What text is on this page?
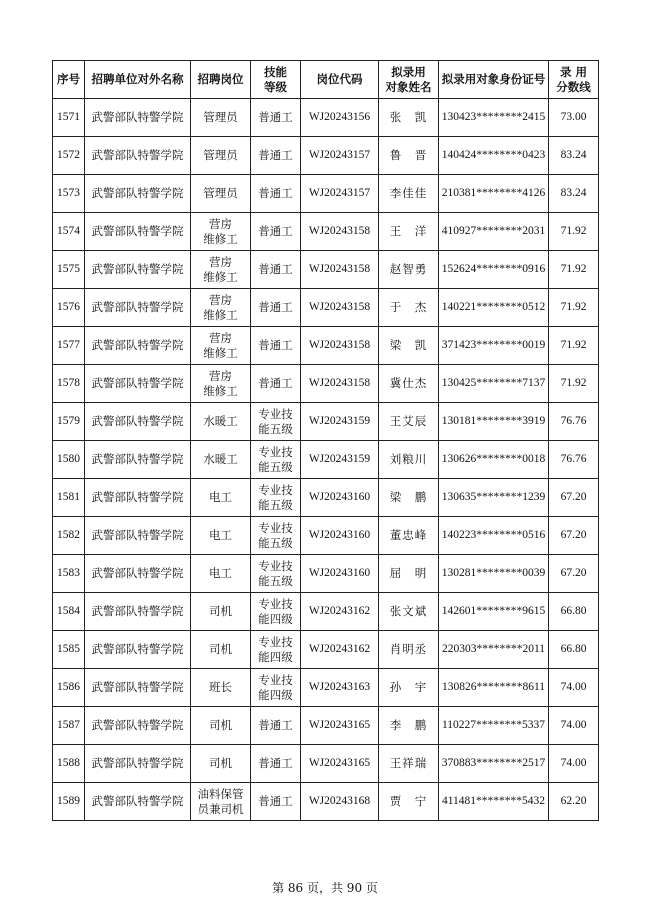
序号	招聘单位对外名称	招聘岗位	技能
等级	岗位代码	拟录用
对象姓名	拟录用对象身份证号	录 用
分数线
1571	武警部队特警学院	管理员	普通工	WJ20243156	张　凯	130423********2415	73.00
1572	武警部队特警学院	管理员	普通工	WJ20243157	鲁　晋	140424********0423	83.24
1573	武警部队特警学院	管理员	普通工	WJ20243157	李佳佳	210381********4126	83.24
1574	武警部队特警学院	营房
维修工	普通工	WJ20243158	王　洋	410927********2031	71.92
1575	武警部队特警学院	营房
维修工	普通工	WJ20243158	赵智勇	152624********0916	71.92
1576	武警部队特警学院	营房
维修工	普通工	WJ20243158	于　杰	140221********0512	71.92
1577	武警部队特警学院	营房
维修工	普通工	WJ20243158	梁　凯	371423********0019	71.92
1578	武警部队特警学院	营房
维修工	普通工	WJ20243158	冀仕杰	130425********7137	71.92
1579	武警部队特警学院	水暖工	专业技
能五级	WJ20243159	王艾辰	130181********3919	76.76
1580	武警部队特警学院	水暖工	专业技
能五级	WJ20243159	刘粮川	130626********0018	76.76
1581	武警部队特警学院	电工	专业技
能五级	WJ20243160	梁　鹏	130635********1239	67.20
1582	武警部队特警学院	电工	专业技
能五级	WJ20243160	董忠峰	140223********0516	67.20
1583	武警部队特警学院	电工	专业技
能五级	WJ20243160	屈　明	130281********0039	67.20
1584	武警部队特警学院	司机	专业技
能四级	WJ20243162	张文斌	142601********9615	66.80
1585	武警部队特警学院	司机	专业技
能四级	WJ20243162	肖明丞	220303********2011	66.80
1586	武警部队特警学院	班长	专业技
能四级	WJ20243163	孙　宇	130826********8611	74.00
1587	武警部队特警学院	司机	普通工	WJ20243165	李　鹏	110227********5337	74.00
1588	武警部队特警学院	司机	普通工	WJ20243165	王祥瑞	370883********2517	74.00
1589	武警部队特警学院	油料保管
员兼司机	普通工	WJ20243168	贾　宁	411481********5432	62.20
第 86 页，共 90 页
